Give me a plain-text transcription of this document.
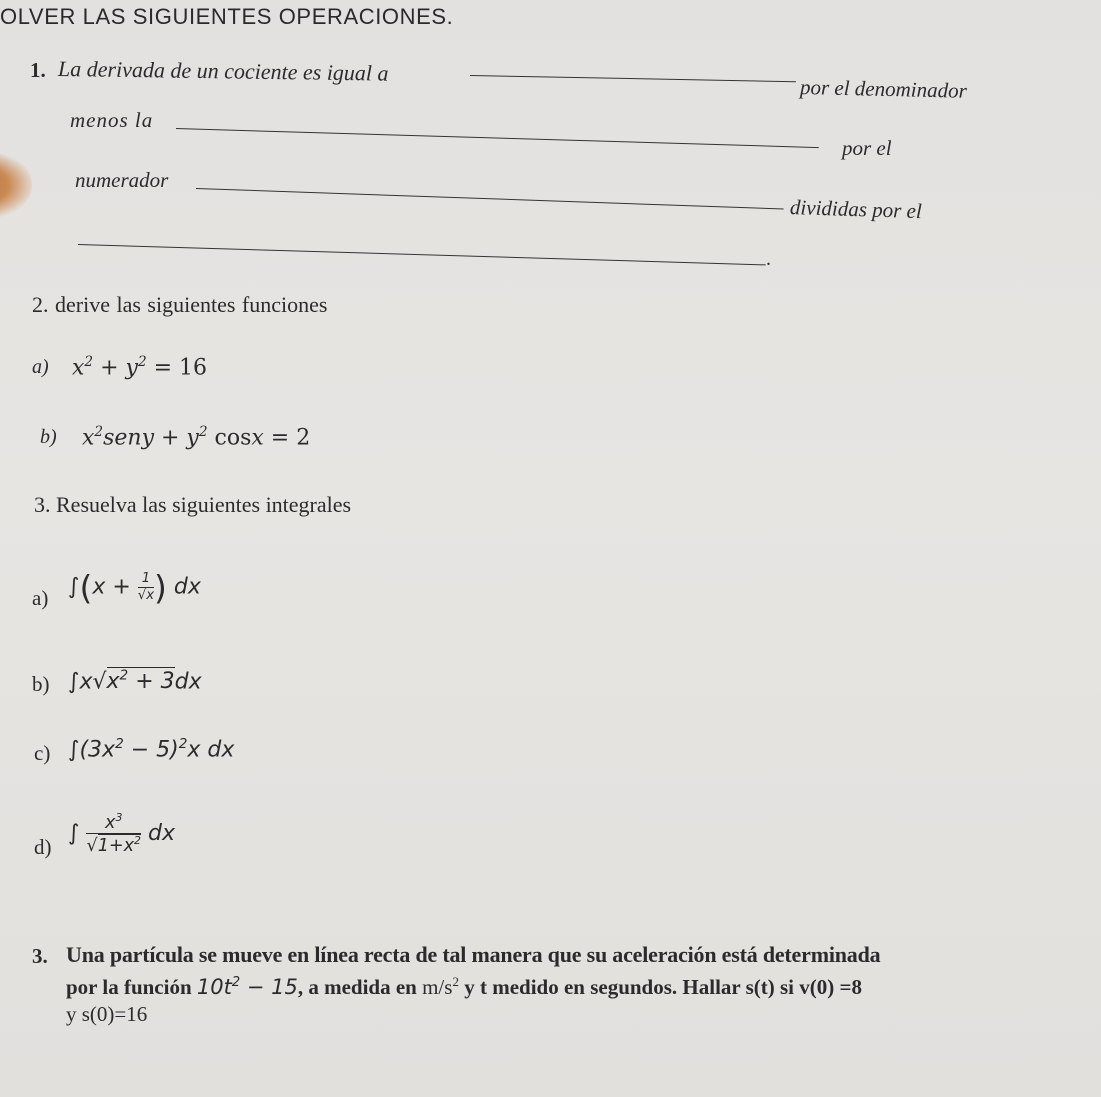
OLVER LAS SIGUIENTES OPERACIONES.
1. La derivada de un cociente es igual a
por el denominador
menos la
por el
numerador
divididas por el
.
2. derive las siguientes funciones
a) $x^2 + y^2 = 16$
b) $x^2seny + y^2$ cosx = 2
3. Resuelva las siguientes integrales
a) $\int(x + \frac{1}{√x}$ ) dx
b) $\int x√x^2 + 3dx$
c) $\int(3x^2 - 5)^2x$ dx
d)
∫ $\frac{x^3}{√1+x^2}$ dx
3. Una partícula se mueve en línea recta de tal manera que su aceleración está determinada
por la función $10t^2 - 15$, a medida en $m/s^2$ y t medido en segundos. Hallar s(t) si v(0) =8
y s(0)=16
